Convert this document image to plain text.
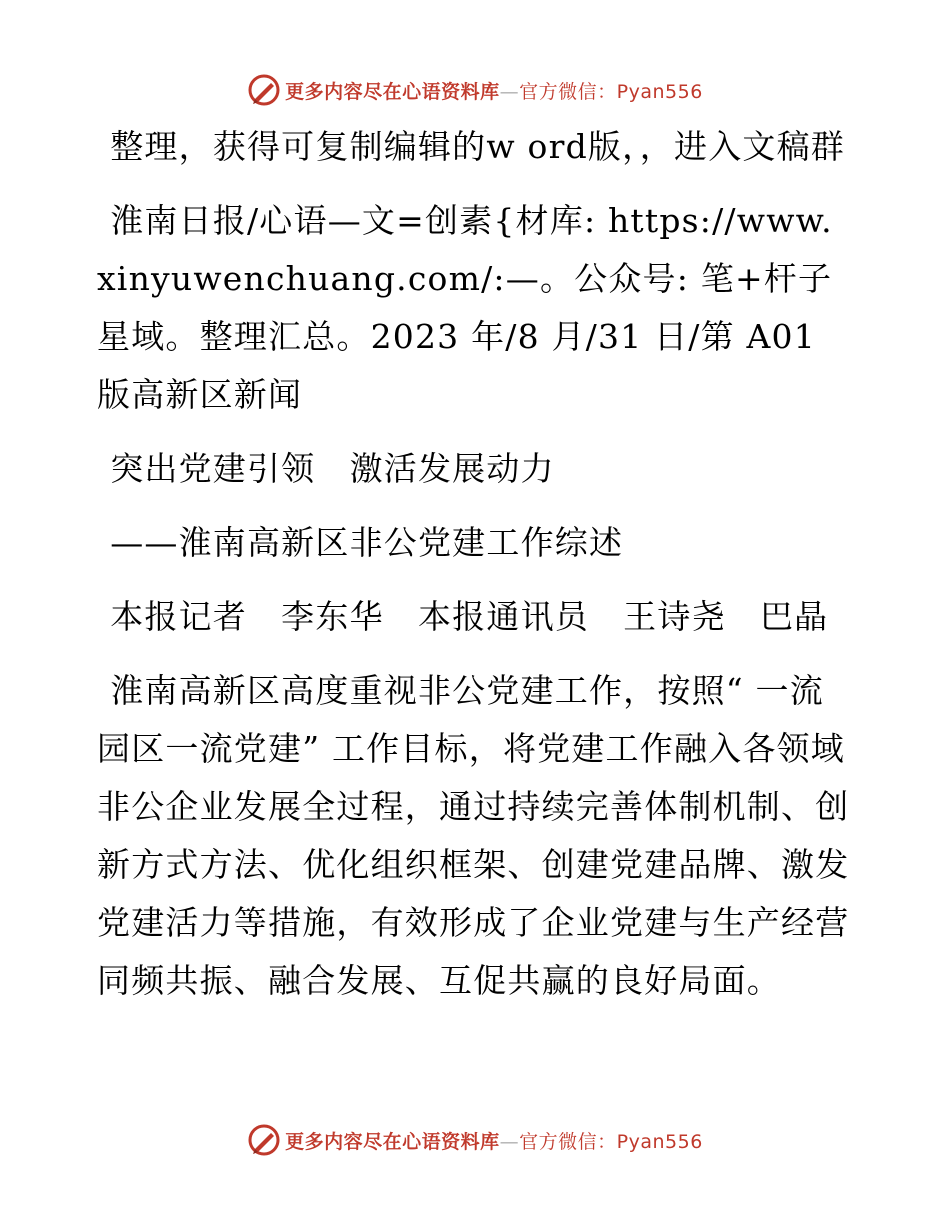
更多内容尽在心语资料库—官方微信：Pyan556

整理，获得可复制编辑的w ord版，，进入文稿群

淮南日报/心语—文=创素{材库: https://www.xinyuwenchuang.com/:—。公众号: 笔+杆子星域。整理汇总。2023 年/8 月/31 日/第 A01 版高新区新闻

突出党建引领　激活发展动力

——淮南高新区非公党建工作综述

本报记者　李东华　本报通讯员　王诗尧　巴晶

淮南高新区高度重视非公党建工作，按照“ 一流园区一流党建” 工作目标，将党建工作融入各领域非公企业发展全过程，通过持续完善体制机制、创新方式方法、优化组织框架、创建党建品牌、激发党建活力等措施，有效形成了企业党建与生产经营同频共振、融合发展、互促共赢的良好局面。

更多内容尽在心语资料库—官方微信：Pyan556
